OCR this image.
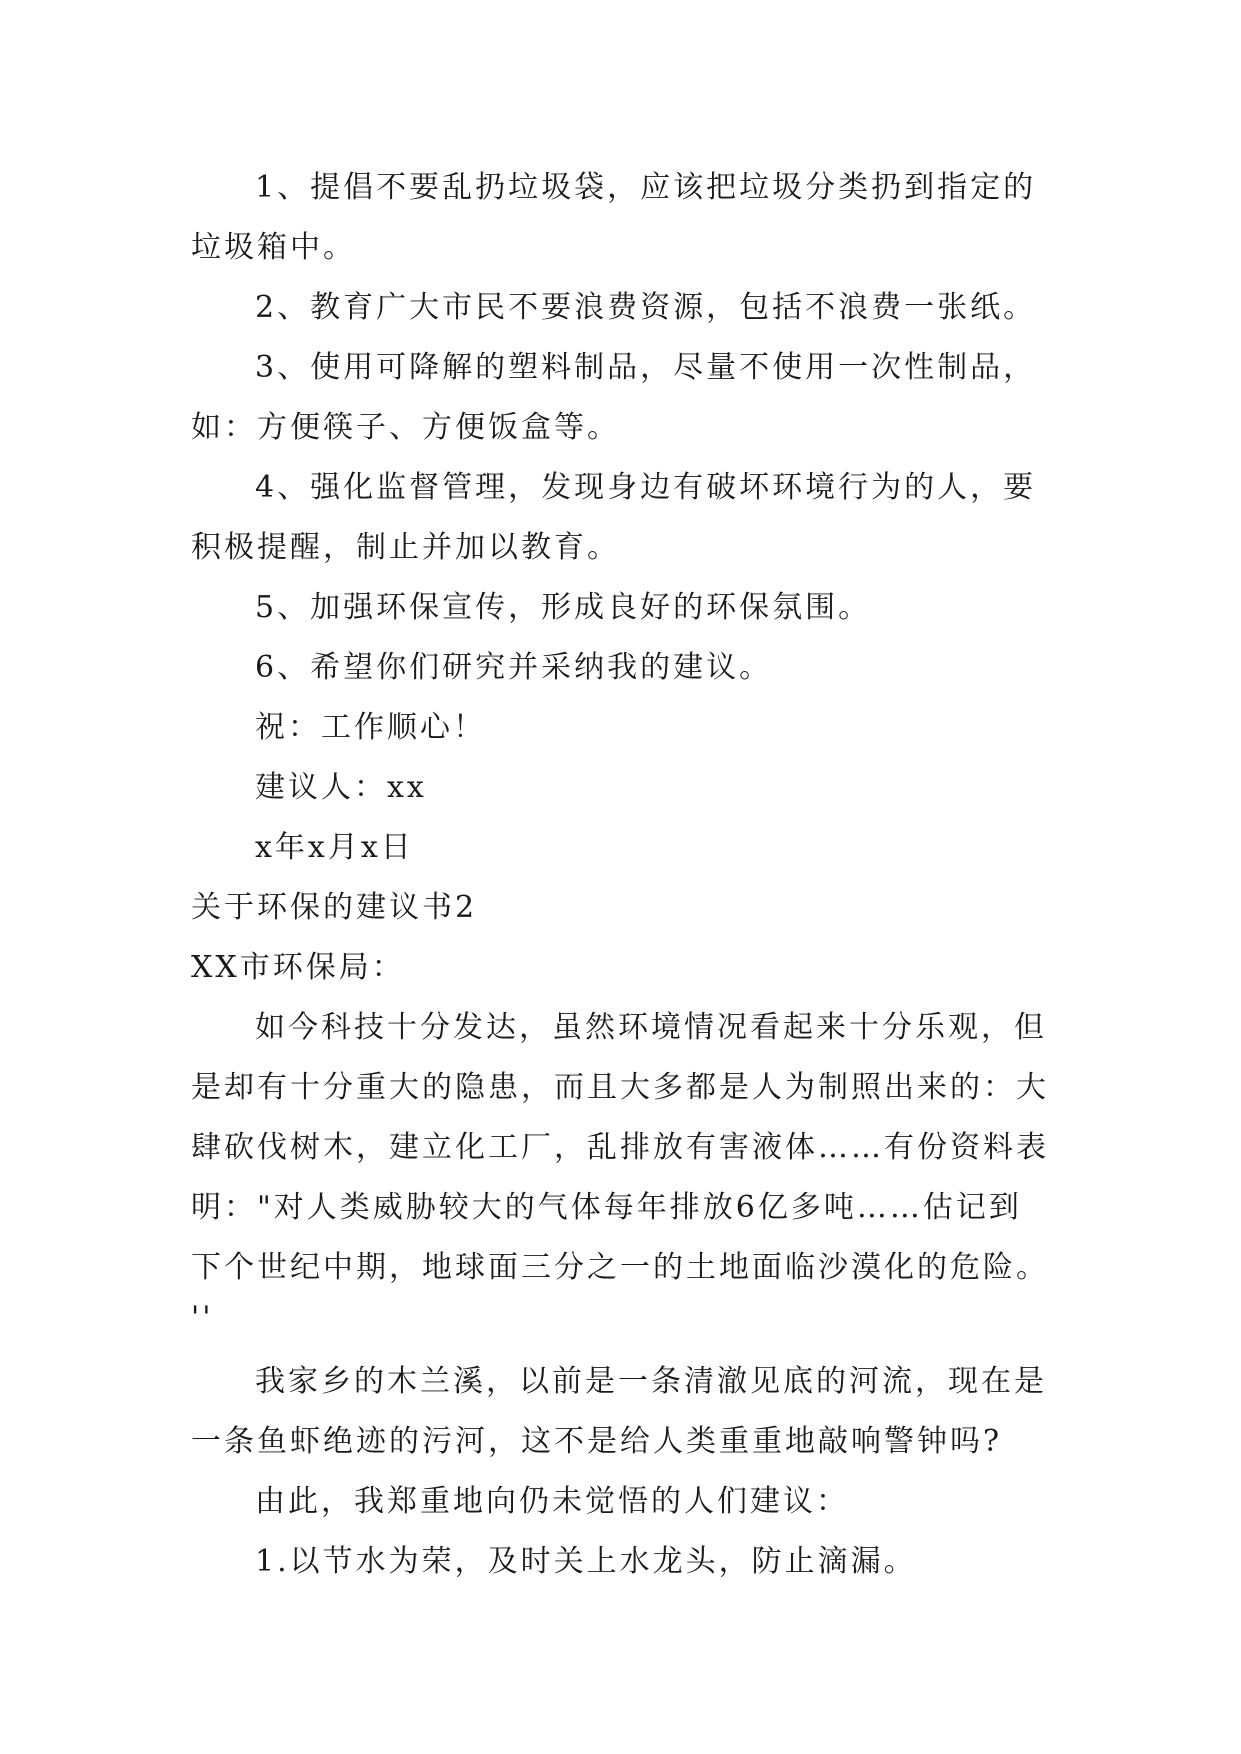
1、提倡不要乱扔垃圾袋，应该把垃圾分类扔到指定的
垃圾箱中。
2、教育广大市民不要浪费资源，包括不浪费一张纸。
3、使用可降解的塑料制品，尽量不使用一次性制品，
如：方便筷子、方便饭盒等。
4、强化监督管理，发现身边有破坏环境行为的人，要
积极提醒，制止并加以教育。
5、加强环保宣传，形成良好的环保氛围。
6、希望你们研究并采纳我的建议。
祝：工作顺心！
建议人：xx
x年x月x日
关于环保的建议书2
XX市环保局：
如今科技十分发达，虽然环境情况看起来十分乐观，但
是却有十分重大的隐患，而且大多都是人为制照出来的：大
肆砍伐树木，建立化工厂，乱排放有害液体……有份资料表
明："对人类威胁较大的气体每年排放6亿多吨……估记到
下个世纪中期，地球面三分之一的土地面临沙漠化的危险。
''
我家乡的木兰溪，以前是一条清澈见底的河流，现在是
一条鱼虾绝迹的污河，这不是给人类重重地敲响警钟吗?
由此，我郑重地向仍未觉悟的人们建议：
1.以节水为荣，及时关上水龙头，防止滴漏。
